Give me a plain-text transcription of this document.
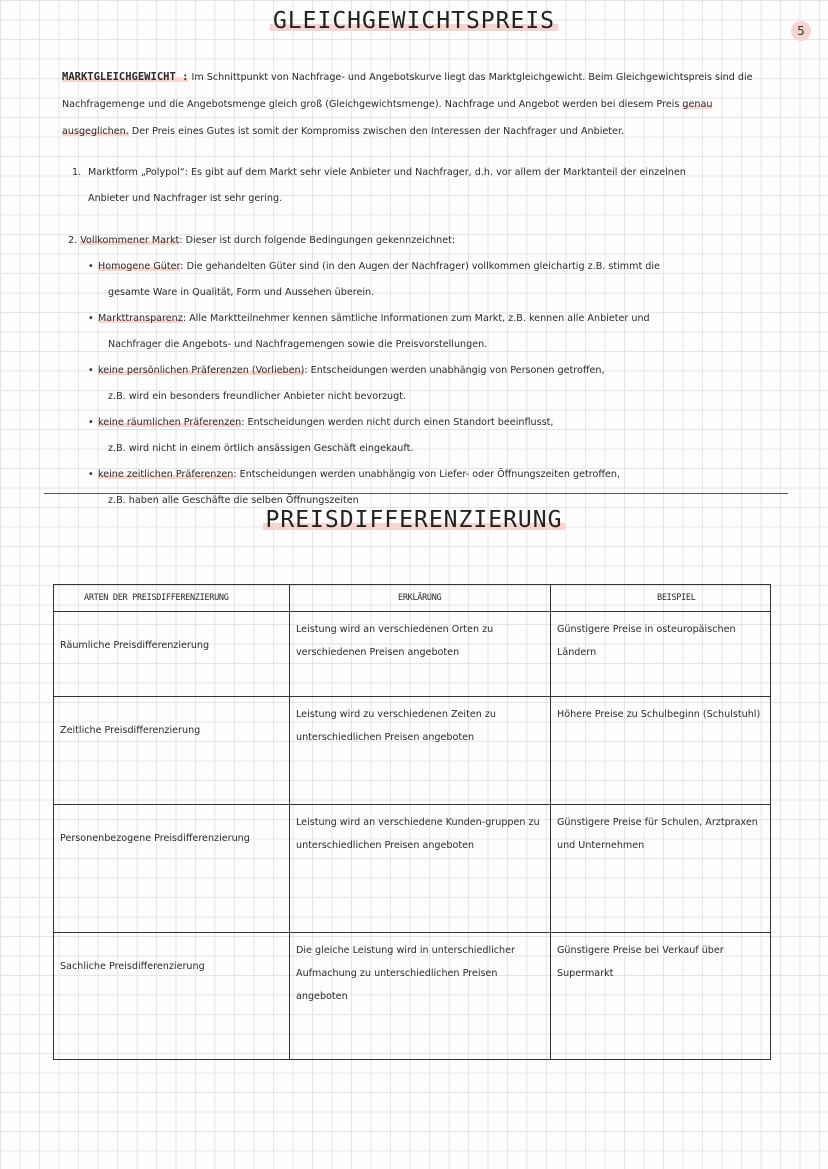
5
GLEICHGEWICHTSPREIS

MARKTGLEICHGEWICHT : Im Schnittpunkt von Nachfrage- und Angebotskurve liegt das Marktgleichgewicht. Beim Gleichgewichtspreis sind die Nachfragemenge und die Angebotsmenge gleich groß (Gleichgewichtsmenge). Nachfrage und Angebot werden bei diesem Preis genau ausgeglichen. Der Preis eines Gutes ist somit der Kompromiss zwischen den Interessen der Nachfrager und Anbieter.

1. Marktform „Polypol“: Es gibt auf dem Markt sehr viele Anbieter und Nachfrager, d.h. vor allem der Marktanteil der einzelnen
Anbieter und Nachfrager ist sehr gering.

2. Vollkommener Markt: Dieser ist durch folgende Bedingungen gekennzeichnet:
• Homogene Güter: Die gehandelten Güter sind (in den Augen der Nachfrager) vollkommen gleichartig z.B. stimmt die
gesamte Ware in Qualität, Form und Aussehen überein.
• Markttransparenz: Alle Marktteilnehmer kennen sämtliche Informationen zum Markt, z.B. kennen alle Anbieter und
Nachfrager die Angebots- und Nachfragemengen sowie die Preisvorstellungen.
• keine persönlichen Präferenzen (Vorlieben): Entscheidungen werden unabhängig von Personen getroffen,
z.B. wird ein besonders freundlicher Anbieter nicht bevorzugt.
• keine räumlichen Präferenzen: Entscheidungen werden nicht durch einen Standort beeinflusst,
z.B. wird nicht in einem örtlich ansässigen Geschäft eingekauft.
• keine zeitlichen Präferenzen: Entscheidungen werden unabhängig von Liefer- oder Öffnungszeiten getroffen,
z.B. haben alle Geschäfte die selben Öffnungszeiten
PREISDIFFERENZIERUNG
ARTEN DER PREISDIFFERENZIERUNG	ERKLÄRUNG	BEISPIEL
Räumliche Preisdifferenzierung	Leistung wird an verschiedenen Orten zu verschiedenen Preisen angeboten	Günstigere Preise in osteuropäischen Ländern
Zeitliche Preisdifferenzierung	Leistung wird zu verschiedenen Zeiten zu unterschiedlichen Preisen angeboten	Höhere Preise zu Schulbeginn (Schulstuhl)
Personenbezogene Preisdifferenzierung	Leistung wird an verschiedene Kunden-gruppen zu unterschiedlichen Preisen angeboten	Günstigere Preise für Schulen, Arztpraxen und Unternehmen
Sachliche Preisdifferenzierung	Die gleiche Leistung wird in unterschiedlicher Aufmachung zu unterschiedlichen Preisen angeboten	Günstigere Preise bei Verkauf über Supermarkt
